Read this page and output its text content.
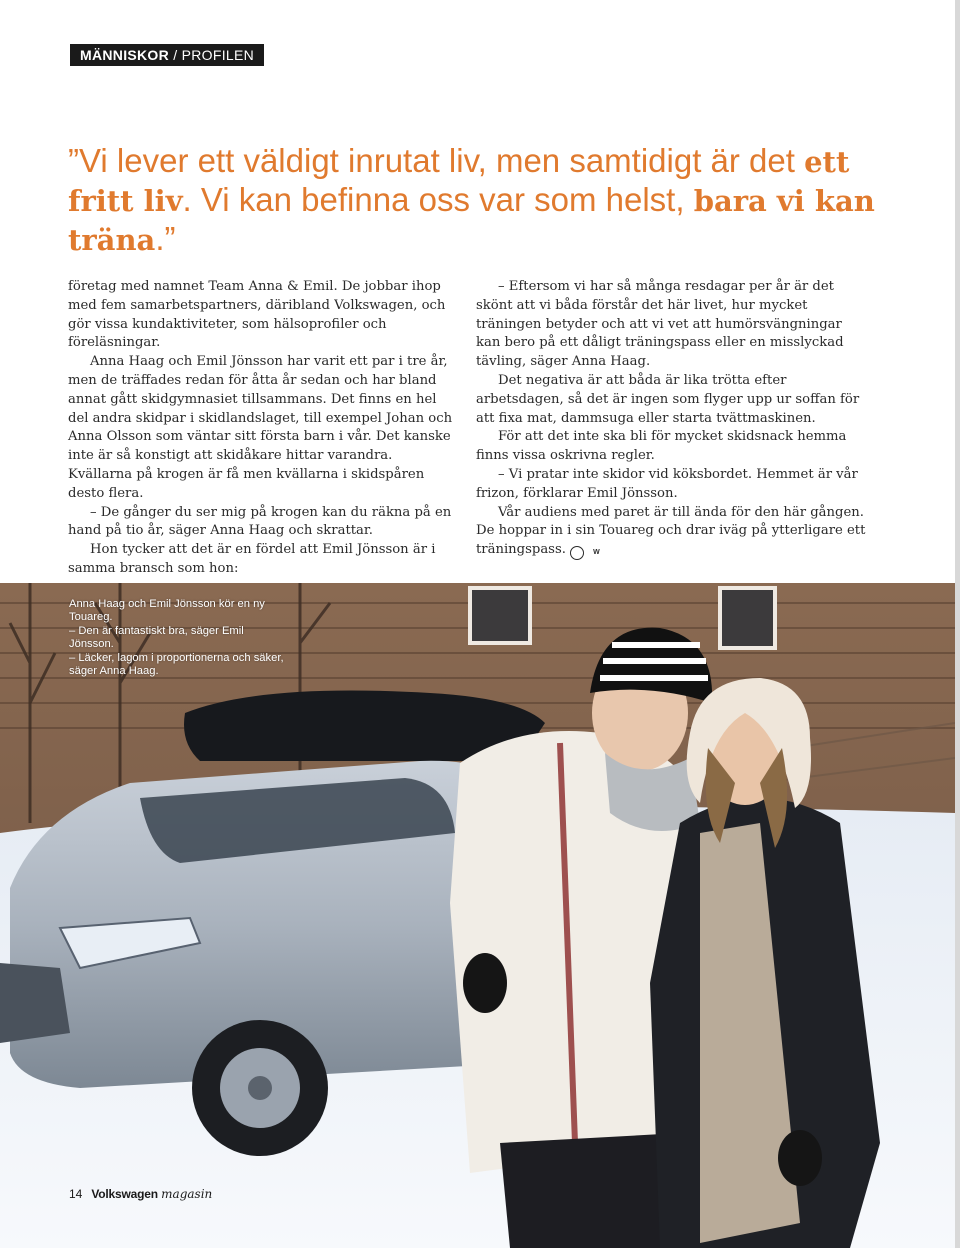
MÄNNISKOR / PROFILEN
”Vi lever ett väldigt inrutat liv, men samtidigt är det ett fritt liv. Vi kan befinna oss var som helst, bara vi kan träna.”

företag med namnet Team Anna & Emil. De jobbar ihop med fem samarbetspartners, däribland Volkswagen, och gör vissa kundaktiviteter, som hälsoprofiler och föreläsningar.

Anna Haag och Emil Jönsson har varit ett par i tre år, men de träffades redan för åtta år sedan och har bland annat gått skidgymnasiet tillsammans. Det finns en hel del andra skidpar i skidlandslaget, till exempel Johan och Anna Olsson som väntar sitt första barn i vår. Det kanske inte är så konstigt att skidåkare hittar varandra. Kvällarna på krogen är få men kvällarna i skidspåren desto flera.

– De gånger du ser mig på krogen kan du räkna på en hand på tio år, säger Anna Haag och skrattar.

Hon tycker att det är en fördel att Emil Jönsson är i samma bransch som hon:

– Eftersom vi har så många resdagar per år är det skönt att vi båda förstår det här livet, hur mycket träningen betyder och att vi vet att humörsvängningar kan bero på ett dåligt träningspass eller en misslyckad tävling, säger Anna Haag.

Det negativa är att båda är lika trötta efter arbetsdagen, så det är ingen som flyger upp ur soffan för att fixa mat, dammsuga eller starta tvättmaskinen.

För att det inte ska bli för mycket skidsnack hemma finns vissa oskrivna regler.

– Vi pratar inte skidor vid köksbordet. Hemmet är vår frizon, förklarar Emil Jönsson.

Vår audiens med paret är till ända för den här gången. De hoppar in i sin Touareg och drar iväg på ytterligare ett träningspass.	W

Anna Haag och Emil Jönsson kör en ny Touareg.
– Den är fantastiskt bra, säger Emil Jönsson.
– Läcker, lagom i proportionerna och säker, säger Anna Haag.
14 Volkswagen magasin
